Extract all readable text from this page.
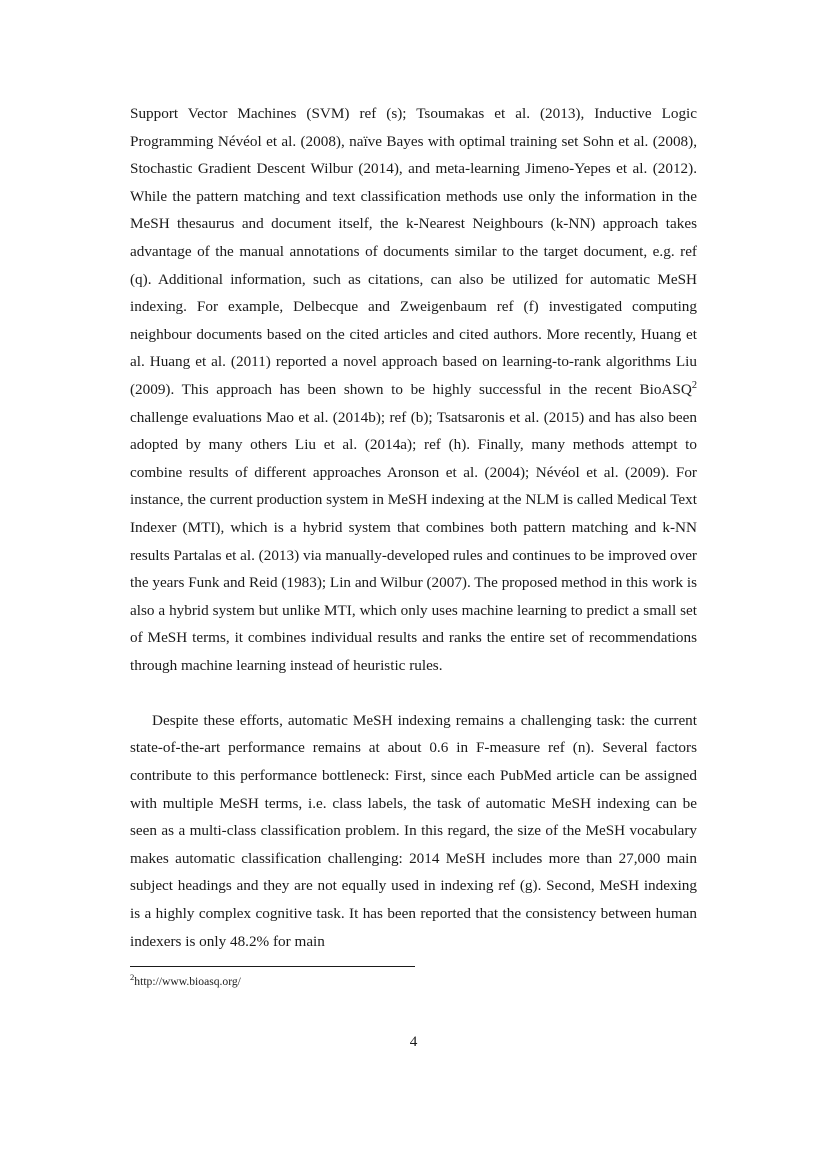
Support Vector Machines (SVM) ref (s); Tsoumakas et al. (2013), Inductive Logic Programming Névéol et al. (2008), naïve Bayes with optimal training set Sohn et al. (2008), Stochastic Gradient Descent Wilbur (2014), and meta-learning Jimeno-Yepes et al. (2012). While the pattern matching and text classification methods use only the information in the MeSH thesaurus and document itself, the k-Nearest Neighbours (k-NN) approach takes advantage of the manual annotations of documents similar to the target document, e.g. ref (q). Additional information, such as citations, can also be utilized for automatic MeSH indexing. For example, Delbecque and Zweigenbaum ref (f) investigated computing neighbour documents based on the cited articles and cited authors. More recently, Huang et al. Huang et al. (2011) reported a novel approach based on learning-to-rank algorithms Liu (2009). This approach has been shown to be highly successful in the recent BioASQ$^2$ challenge evaluations Mao et al. (2014b); ref (b); Tsatsaronis et al. (2015) and has also been adopted by many others Liu et al. (2014a); ref (h). Finally, many methods attempt to combine results of different approaches Aronson et al. (2004); Névéol et al. (2009). For instance, the current production system in MeSH indexing at the NLM is called Medical Text Indexer (MTI), which is a hybrid system that combines both pattern matching and k-NN results Partalas et al. (2013) via manually-developed rules and continues to be improved over the years Funk and Reid (1983); Lin and Wilbur (2007). The proposed method in this work is also a hybrid system but unlike MTI, which only uses machine learning to predict a small set of MeSH terms, it combines individual results and ranks the entire set of recommendations through machine learning instead of heuristic rules.

Despite these efforts, automatic MeSH indexing remains a challenging task: the current state-of-the-art performance remains at about 0.6 in F-measure ref (n). Several factors contribute to this performance bottleneck: First, since each PubMed article can be assigned with multiple MeSH terms, i.e. class labels, the task of automatic MeSH indexing can be seen as a multi-class classification problem. In this regard, the size of the MeSH vocabulary makes automatic classification challenging: 2014 MeSH includes more than 27,000 main subject headings and they are not equally used in indexing ref (g). Second, MeSH indexing is a highly complex cognitive task. It has been reported that the consistency between human indexers is only 48.2% for main

$^2$http://www.bioasq.org/

4
